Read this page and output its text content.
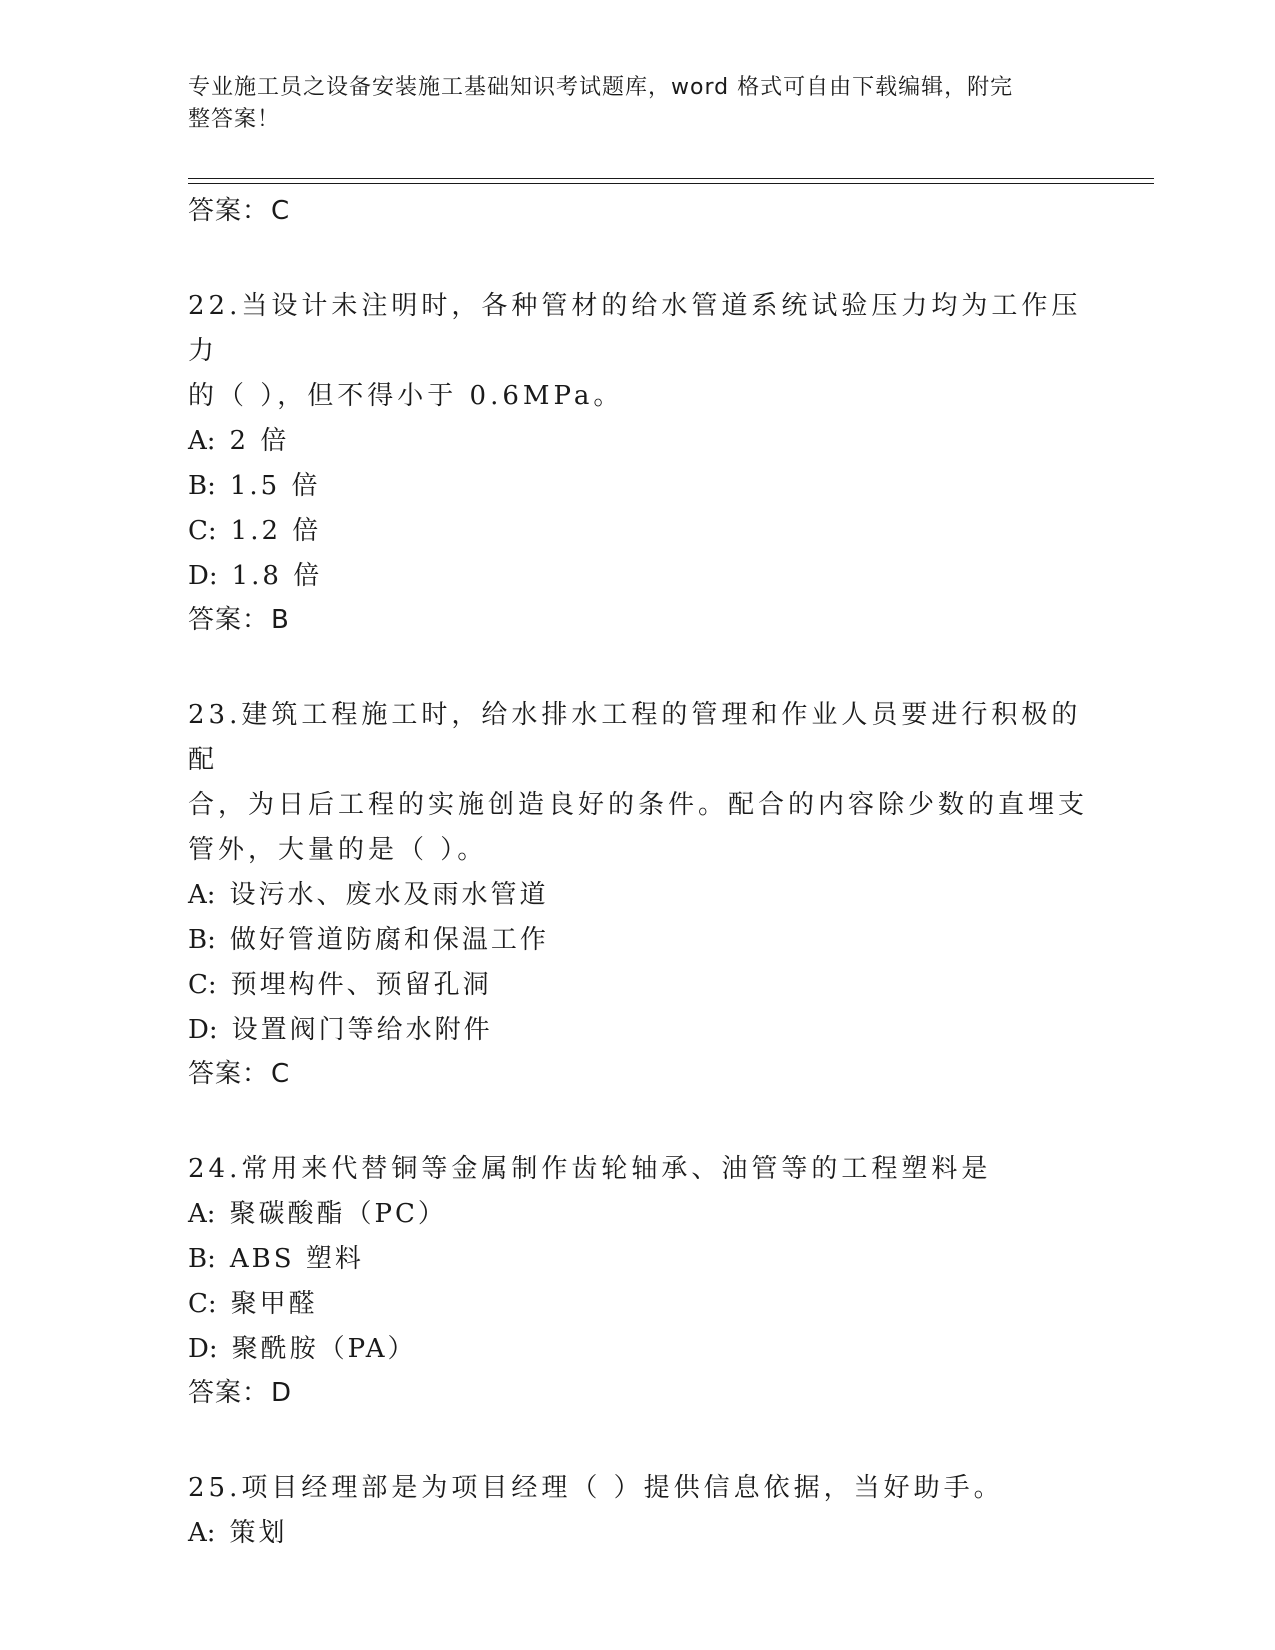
专业施工员之设备安装施工基础知识考试题库，word 格式可自由下载编辑，附完
整答案！
答案：C

22.当设计未注明时，各种管材的给水管道系统试验压力均为工作压力

的（ ），但不得小于 0.6MPa。

A: 2 倍

B: 1.5 倍

C: 1.2 倍

D: 1.8 倍

答案：B

23.建筑工程施工时，给水排水工程的管理和作业人员要进行积极的配

合，为日后工程的实施创造良好的条件。配合的内容除少数的直埋支

管外，大量的是（ ）。

A: 设污水、废水及雨水管道

B: 做好管道防腐和保温工作

C: 预埋构件、预留孔洞

D: 设置阀门等给水附件

答案：C

24.常用来代替铜等金属制作齿轮轴承、油管等的工程塑料是

A: 聚碳酸酯（PC）

B: ABS 塑料

C: 聚甲醛

D: 聚酰胺（PA）

答案：D

25.项目经理部是为项目经理（ ）提供信息依据，当好助手。

A: 策划
